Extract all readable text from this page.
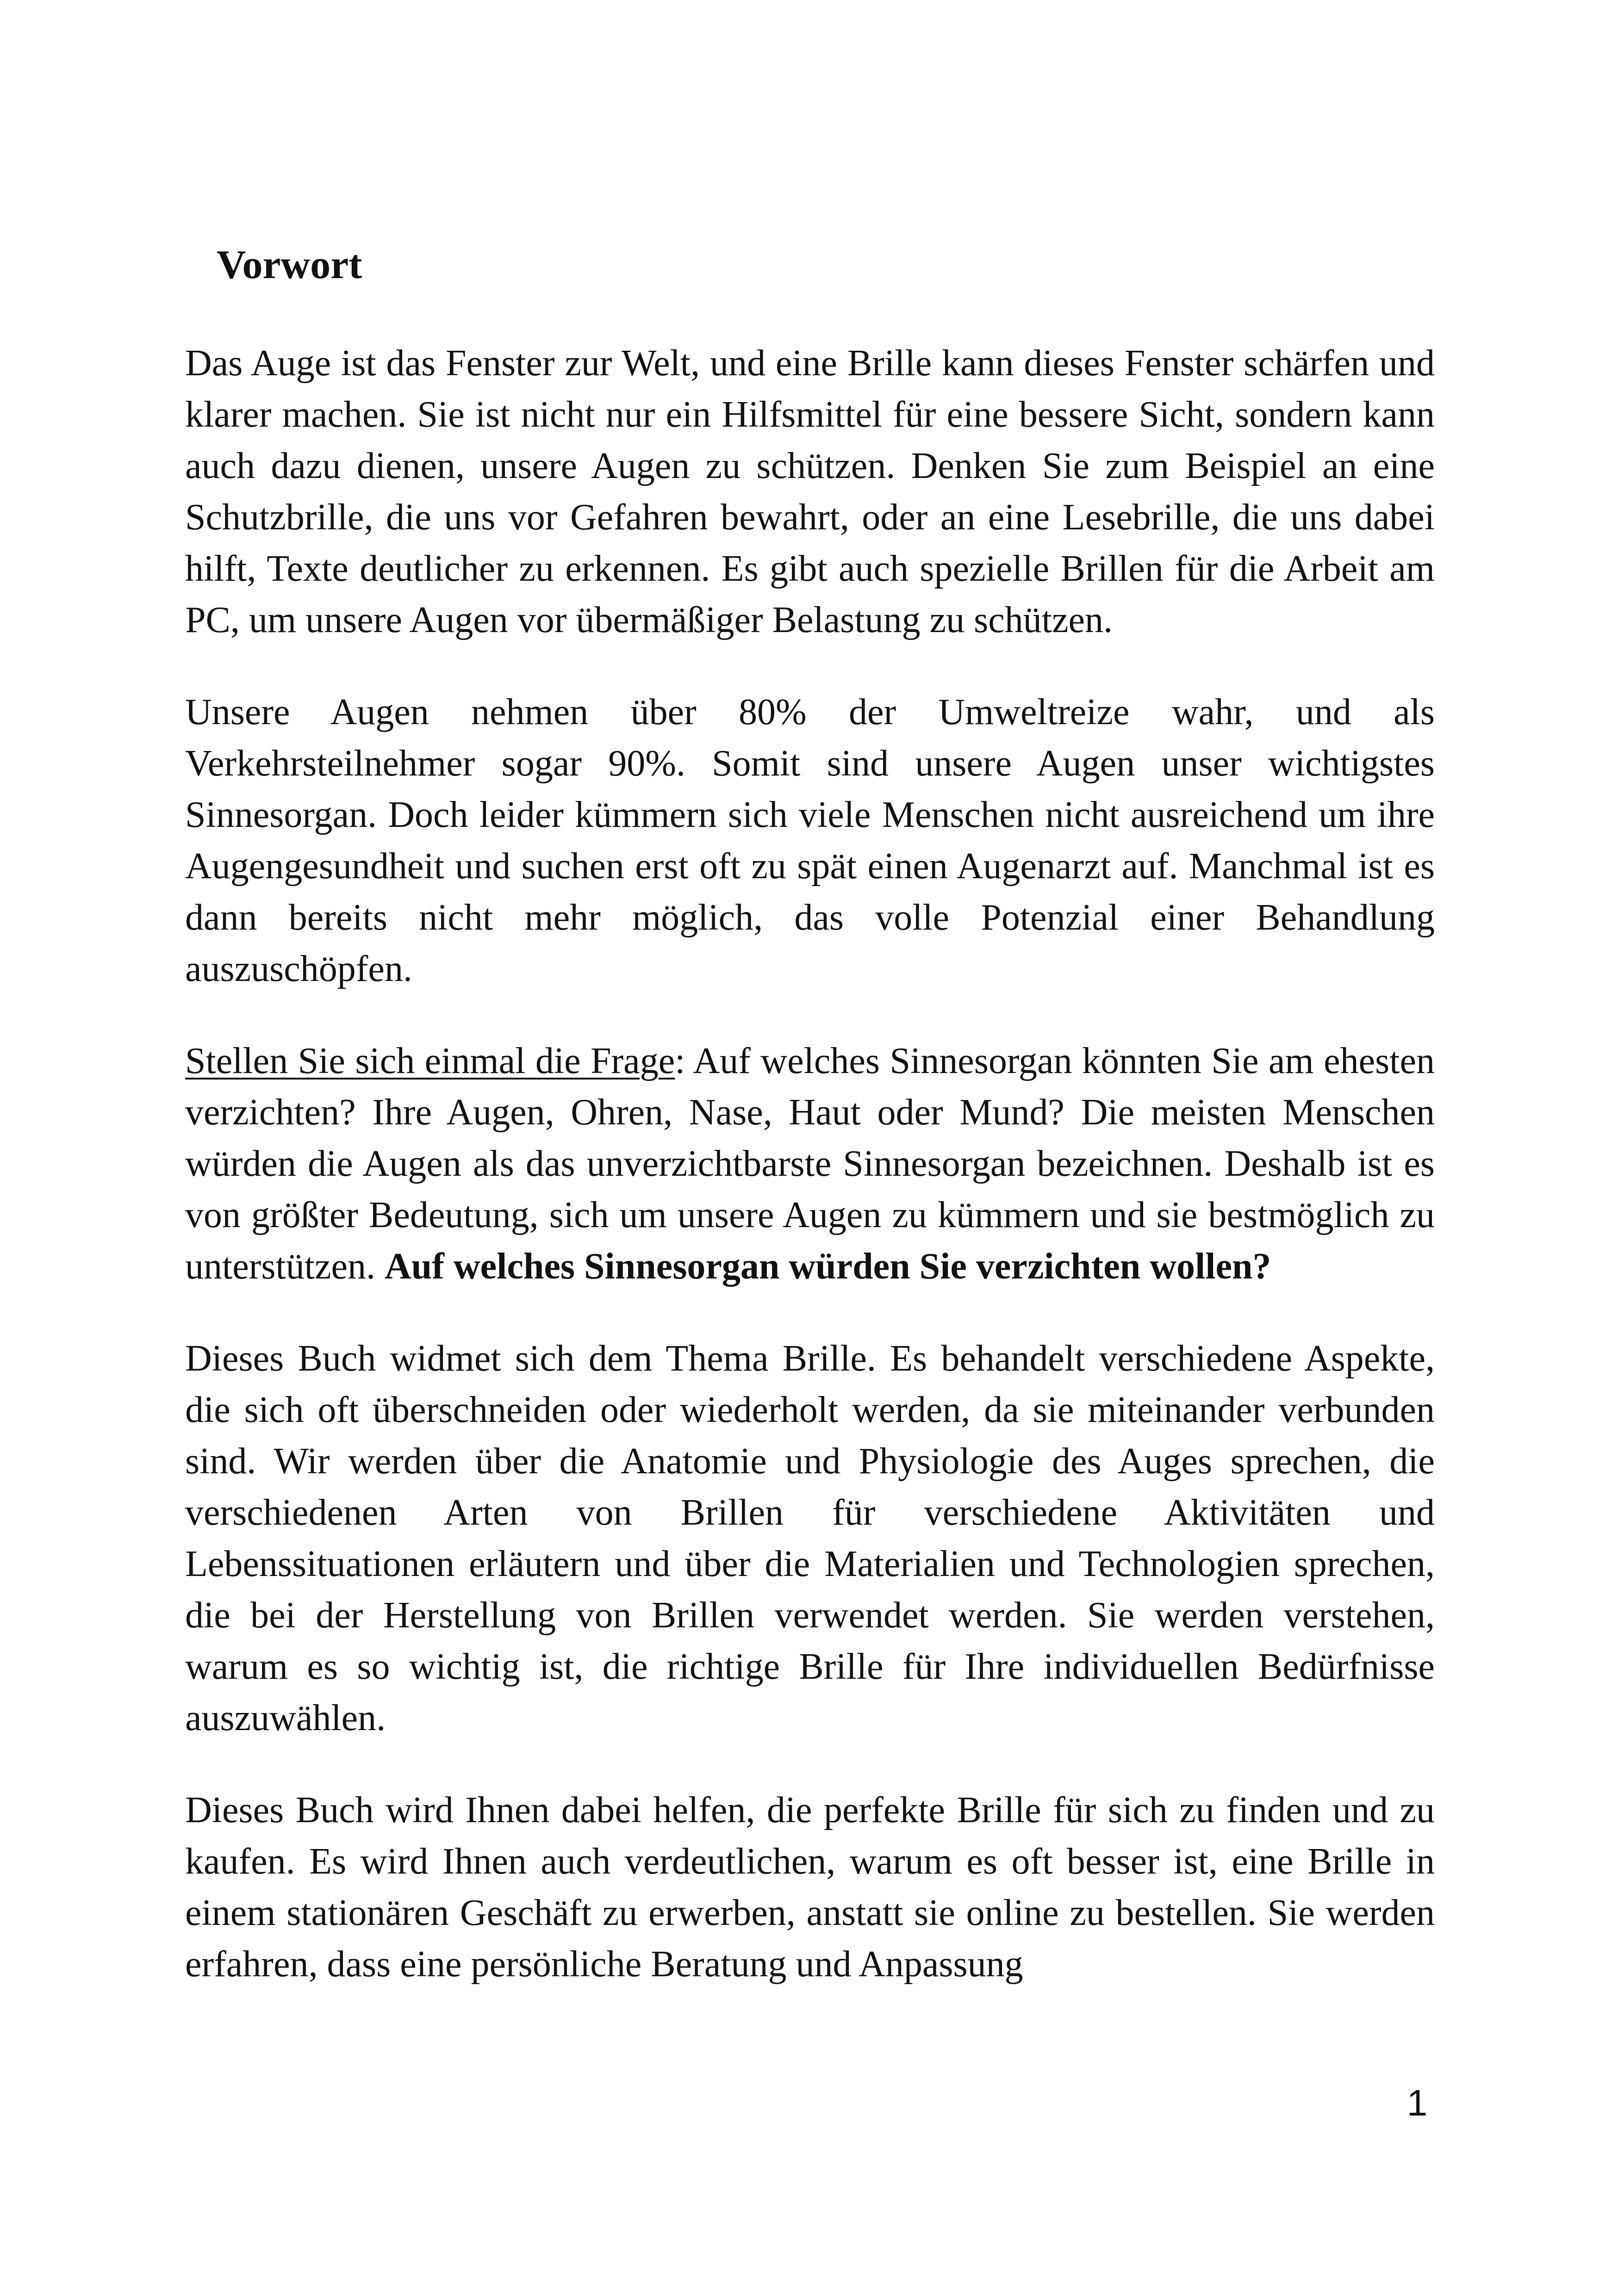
Vorwort

Das Auge ist das Fenster zur Welt, und eine Brille kann dieses Fenster schärfen und klarer machen. Sie ist nicht nur ein Hilfsmittel für eine bessere Sicht, sondern kann auch dazu dienen, unsere Augen zu schützen. Denken Sie zum Beispiel an eine Schutzbrille, die uns vor Gefahren bewahrt, oder an eine Lesebrille, die uns dabei hilft, Texte deutlicher zu erkennen. Es gibt auch spezielle Brillen für die Arbeit am PC, um unsere Augen vor übermäßiger Belastung zu schützen.

Unsere Augen nehmen über 80% der Umweltreize wahr, und als Verkehrsteilnehmer sogar 90%. Somit sind unsere Augen unser wichtigstes Sinnesorgan. Doch leider kümmern sich viele Menschen nicht ausreichend um ihre Augengesundheit und suchen erst oft zu spät einen Augenarzt auf. Manchmal ist es dann bereits nicht mehr möglich, das volle Potenzial einer Behandlung auszuschöpfen.

Stellen Sie sich einmal die Frage: Auf welches Sinnesorgan könnten Sie am ehesten verzichten? Ihre Augen, Ohren, Nase, Haut oder Mund? Die meisten Menschen würden die Augen als das unverzichtbarste Sinnesorgan bezeichnen. Deshalb ist es von größter Bedeutung, sich um unsere Augen zu kümmern und sie bestmöglich zu unterstützen. Auf welches Sinnesorgan würden Sie verzichten wollen?

Dieses Buch widmet sich dem Thema Brille. Es behandelt verschiedene Aspekte, die sich oft überschneiden oder wiederholt werden, da sie miteinander verbunden sind. Wir werden über die Anatomie und Physiologie des Auges sprechen, die verschiedenen Arten von Brillen für verschiedene Aktivitäten und Lebenssituationen erläutern und über die Materialien und Technologien sprechen, die bei der Herstellung von Brillen verwendet werden. Sie werden verstehen, warum es so wichtig ist, die richtige Brille für Ihre individuellen Bedürfnisse auszuwählen.

Dieses Buch wird Ihnen dabei helfen, die perfekte Brille für sich zu finden und zu kaufen. Es wird Ihnen auch verdeutlichen, warum es oft besser ist, eine Brille in einem stationären Geschäft zu erwerben, anstatt sie online zu bestellen. Sie werden erfahren, dass eine persönliche Beratung und Anpassung

1
